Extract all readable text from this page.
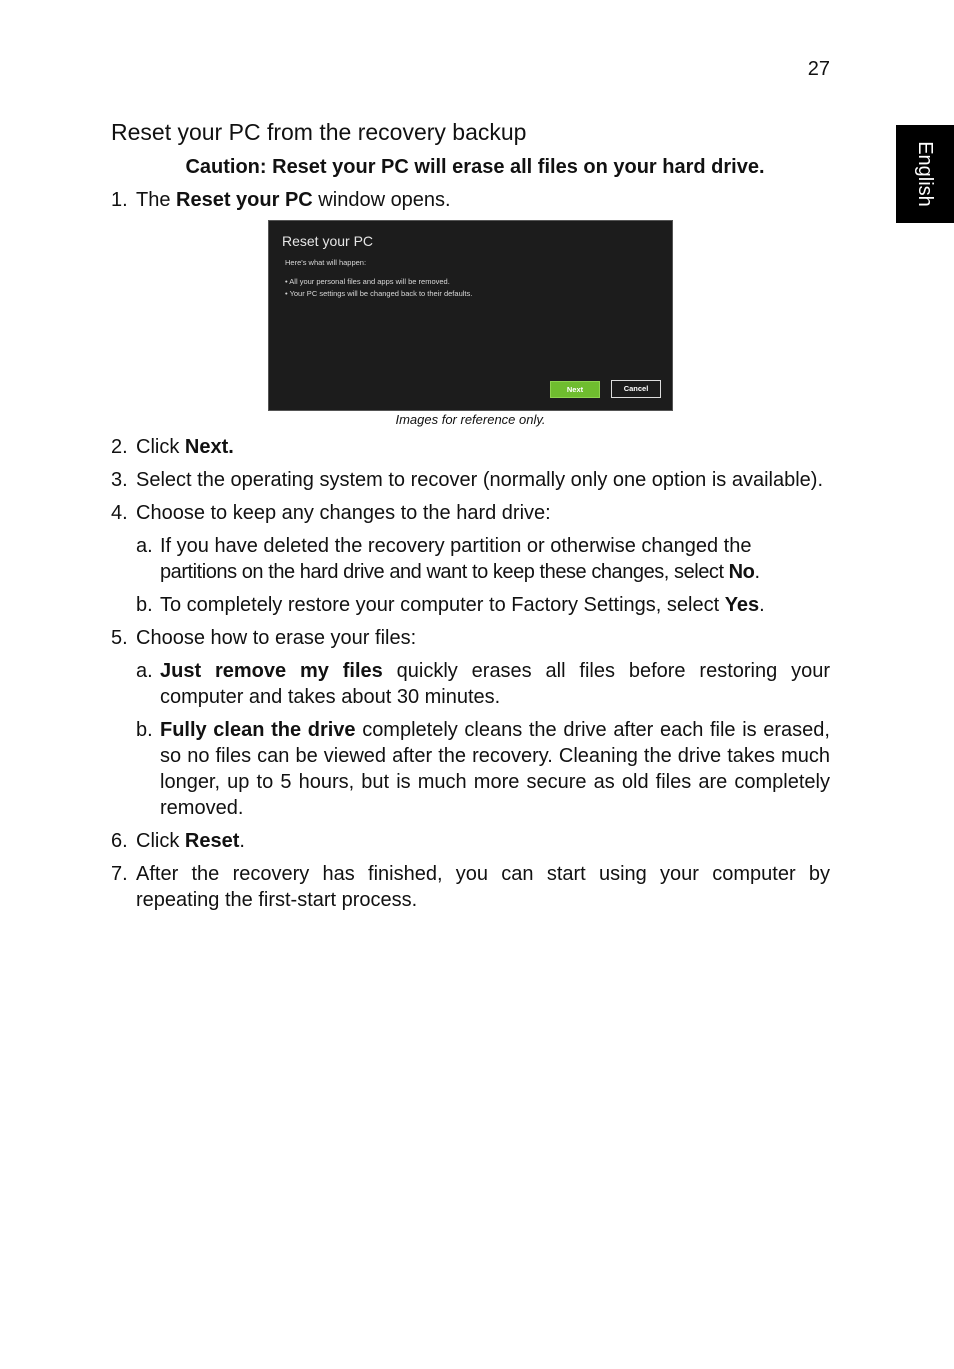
27
English
Reset your PC from the recovery backup
Caution: Reset your PC will erase all files on your hard drive.
1. The Reset your PC window opens.
Reset your PC
Here's what will happen:
• All your personal files and apps will be removed.
• Your PC settings will be changed back to their defaults.
Next	Cancel
Images for reference only.
2. Click Next.
3. Select the operating system to recover (normally only one option is available).
4. Choose to keep any changes to the hard drive:
a. If you have deleted the recovery partition or otherwise changed the
partitions on the hard drive and want to keep these changes, select No.
b. To completely restore your computer to Factory Settings, select Yes.
5. Choose how to erase your files:
a. Just remove my files quickly erases all files before restoring your computer and takes about 30 minutes.
b. Fully clean the drive completely cleans the drive after each file is erased, so no files can be viewed after the recovery. Cleaning the drive takes much longer, up to 5 hours, but is much more secure as old files are completely removed.
6. Click Reset.
7. After the recovery has finished, you can start using your computer by repeating the first-start process.
